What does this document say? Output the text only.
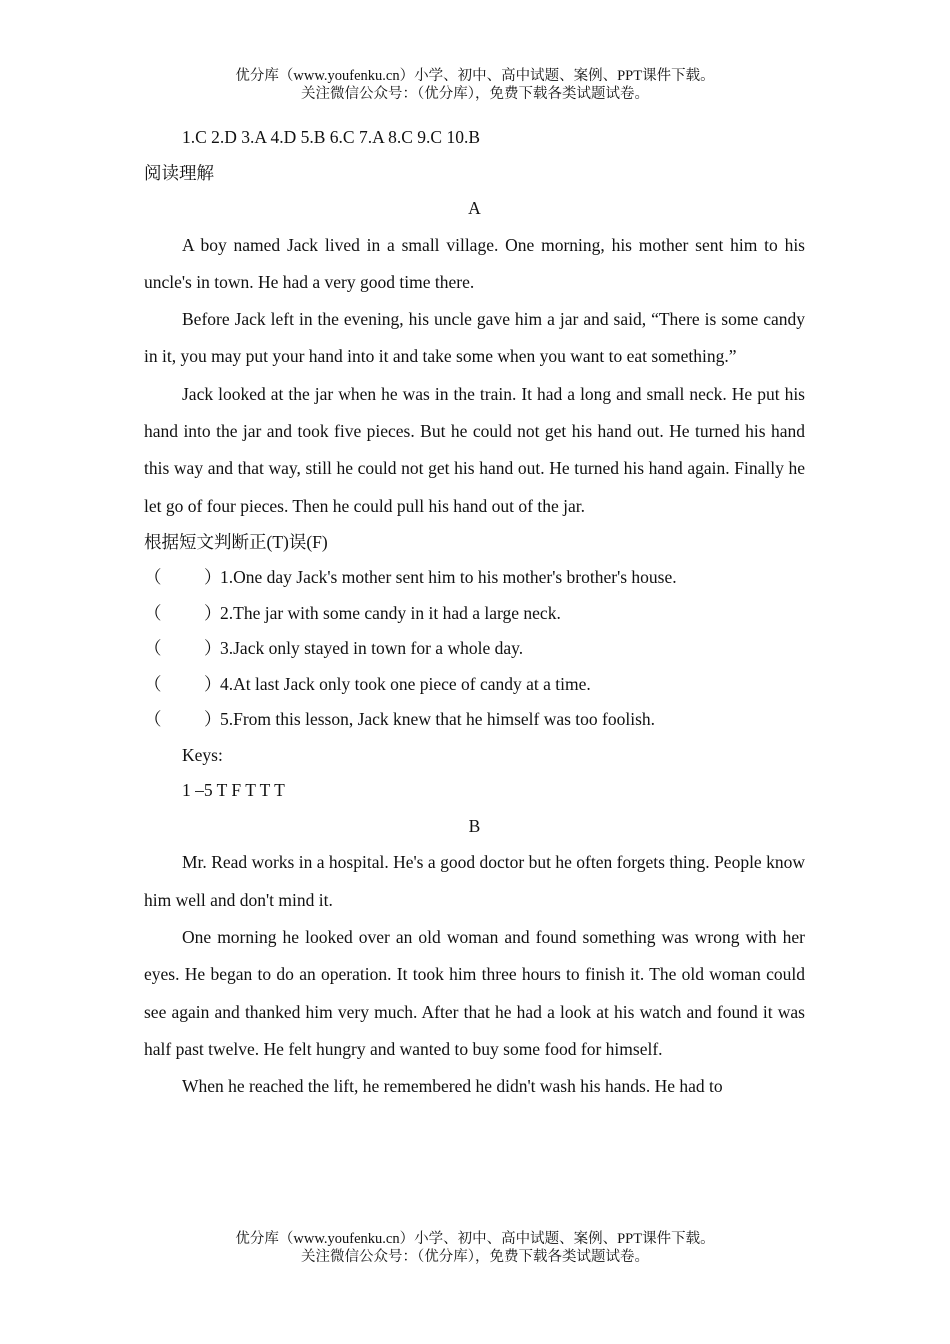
优分库（www.youfenku.cn）小学、初中、高中试题、案例、PPT课件下载。
关注微信公众号：（优分库），免费下载各类试题试卷。
1.C 2.D 3.A 4.D 5.B 6.C 7.A 8.C 9.C 10.B
阅读理解
A

A boy named Jack lived in a small village. One morning, his mother sent him to his uncle's in town. He had a very good time there.

Before Jack left in the evening, his uncle gave him a jar and said, “There is some candy in it, you may put your hand into it and take some when you want to eat something.”

Jack looked at the jar when he was in the train. It had a long and small neck. He put his hand into the jar and took five pieces. But he could not get his hand out. He turned his hand this way and that way, still he could not get his hand out. He turned his hand again. Finally he let go of four pieces. Then he could pull his hand out of the jar.

根据短文判断正(T)误(F)
（	）
1.One day Jack's mother sent him to his mother's brother's house.
（	）
2.The jar with some candy in it had a large neck.
（	）
3.Jack only stayed in town for a whole day.
（	）
4.At last Jack only took one piece of candy at a time.
（	）
5.From this lesson, Jack knew that he himself was too foolish.
Keys:
1 –5 T F T T T
B

Mr. Read works in a hospital. He's a good doctor but he often forgets thing. People know him well and don't mind it.

One morning he looked over an old woman and found something was wrong with her eyes. He began to do an operation. It took him three hours to finish it. The old woman could see again and thanked him very much. After that he had a look at his watch and found it was half past twelve. He felt hungry and wanted to buy some food for himself.

When he reached the lift, he remembered he didn't wash his hands. He had to

优分库（www.youfenku.cn）小学、初中、高中试题、案例、PPT课件下载。
关注微信公众号：（优分库），免费下载各类试题试卷。
